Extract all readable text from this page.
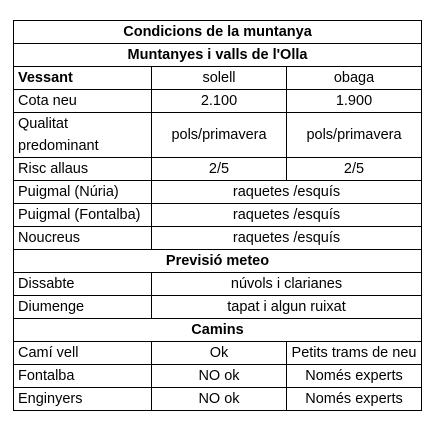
Condicions de la muntanya		
Muntanyes i valls de l'Olla		
Vessant	solell	obaga
Cota neu	2.100	1.900
Qualitat predominant	pols/primavera	pols/primavera
Risc allaus	2/5	2/5
Puigmal (Núria)	raquetes /esquís	
Puigmal (Fontalba)	raquetes /esquís	
Noucreus	raquetes /esquís	
Previsió meteo		
Dissabte	núvols i clarianes	
Diumenge	tapat i algun ruixat	
Camins		
Camí vell	Ok	Petits trams de neu
Fontalba	NO ok	Només experts
Enginyers	NO ok	Només experts
